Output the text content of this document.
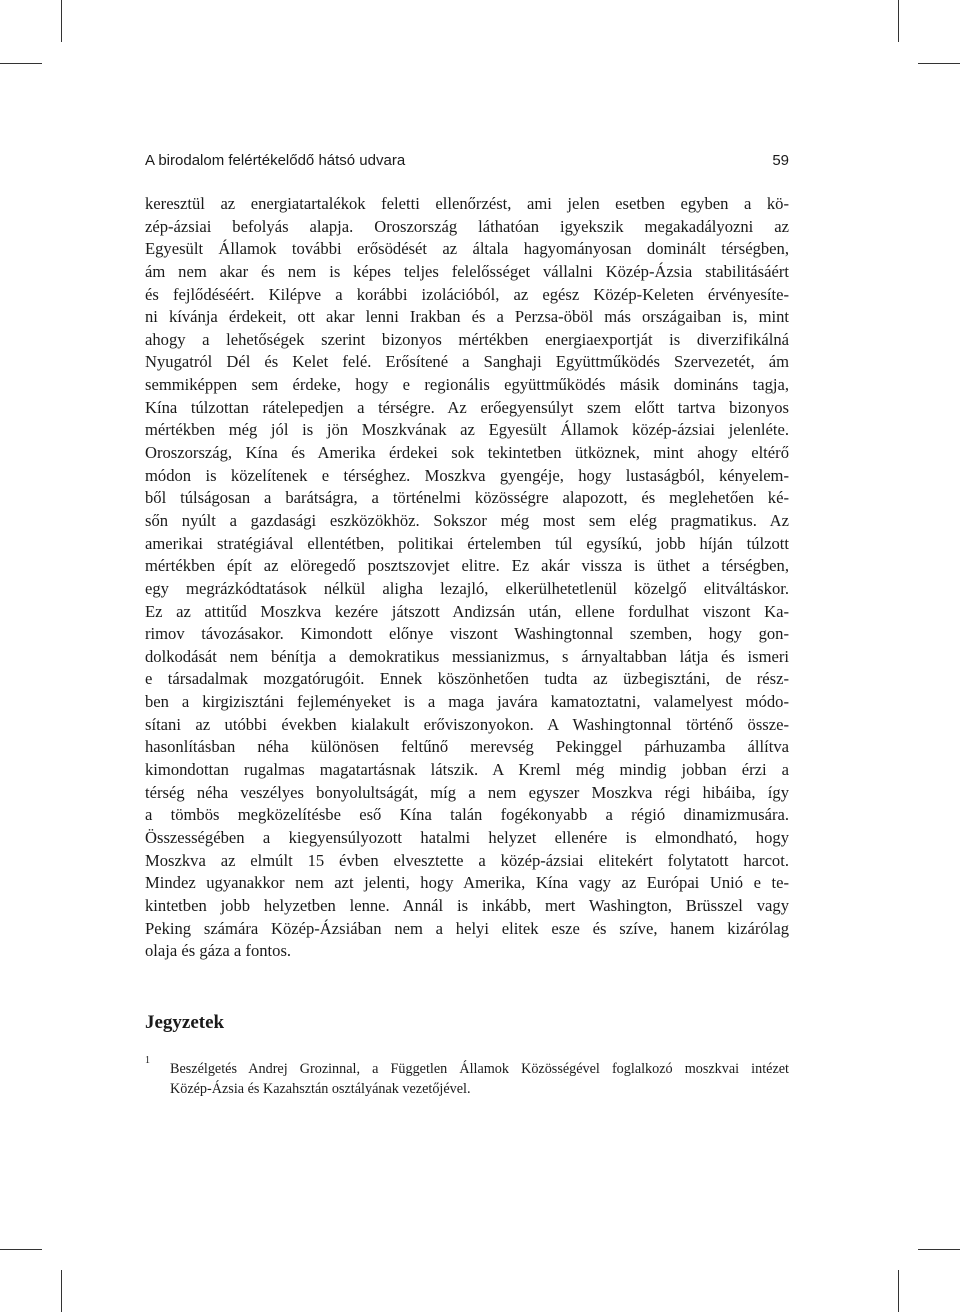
A birodalom felértékelődő hátsó udvara	59
keresztül az energiatartalékok feletti ellenőrzést, ami jelen esetben egyben a kö-
zép-ázsiai befolyás alapja. Oroszország láthatóan igyekszik megakadályozni az
Egyesült Államok további erősödését az általa hagyományosan dominált térségben,
ám nem akar és nem is képes teljes felelősséget vállalni Közép-Ázsia stabilitásáért
és fejlődéséért. Kilépve a korábbi izolációból, az egész Közép-Keleten érvényesíte-
ni kívánja érdekeit, ott akar lenni Irakban és a Perzsa-öböl más országaiban is, mint
ahogy a lehetőségek szerint bizonyos mértékben energiaexportját is diverzifikálná
Nyugatról Dél és Kelet felé. Erősítené a Sanghaji Együttműködés Szervezetét, ám
semmiképpen sem érdeke, hogy e regionális együttműködés másik domináns tagja,
Kína túlzottan rátelepedjen a térségre. Az erőegyensúlyt szem előtt tartva bizonyos
mértékben még jól is jön Moszkvának az Egyesült Államok közép-ázsiai jelenléte.
Oroszország, Kína és Amerika érdekei sok tekintetben ütköznek, mint ahogy eltérő
módon is közelítenek e térséghez. Moszkva gyengéje, hogy lustaságból, kényelem-
ből túlságosan a barátságra, a történelmi közösségre alapozott, és meglehetően ké-
sőn nyúlt a gazdasági eszközökhöz. Sokszor még most sem elég pragmatikus. Az
amerikai stratégiával ellentétben, politikai értelemben túl egysíkú, jobb híján túlzott
mértékben épít az elöregedő posztszovjet elitre. Ez akár vissza is üthet a térségben,
egy megrázkódtatások nélkül aligha lezajló, elkerülhetetlenül közelgő elitváltáskor.
Ez az attitűd Moszkva kezére játszott Andizsán után, ellene fordulhat viszont Ka-
rimov távozásakor. Kimondott előnye viszont Washingtonnal szemben, hogy gon-
dolkodását nem bénítja a demokratikus messianizmus, s árnyaltabban látja és ismeri
e társadalmak mozgatórugóit. Ennek köszönhetően tudta az üzbegisztáni, de rész-
ben a kirgizisztáni fejleményeket is a maga javára kamatoztatni, valamelyest módo-
sítani az utóbbi években kialakult erőviszonyokon. A Washingtonnal történő össze-
hasonlításban néha különösen feltűnő merevség Pekinggel párhuzamba állítva
kimondottan rugalmas magatartásnak látszik. A Kreml még mindig jobban érzi a
térség néha veszélyes bonyolultságát, míg a nem egyszer Moszkva régi hibáiba, így
a tömbös megközelítésbe eső Kína talán fogékonyabb a régió dinamizmusára.
Összességében a kiegyensúlyozott hatalmi helyzet ellenére is elmondható, hogy
Moszkva az elmúlt 15 évben elvesztette a közép-ázsiai elitekért folytatott harcot.
Mindez ugyanakkor nem azt jelenti, hogy Amerika, Kína vagy az Európai Unió e te-
kintetben jobb helyzetben lenne. Annál is inkább, mert Washington, Brüsszel vagy
Peking számára Közép-Ázsiában nem a helyi elitek esze és szíve, hanem kizárólag
olaja és gáza a fontos.
Jegyzetek
1
Beszélgetés Andrej Grozinnal, a Független Államok Közösségével foglalkozó moszkvai intézet
Közép-Ázsia és Kazahsztán osztályának vezetőjével.
